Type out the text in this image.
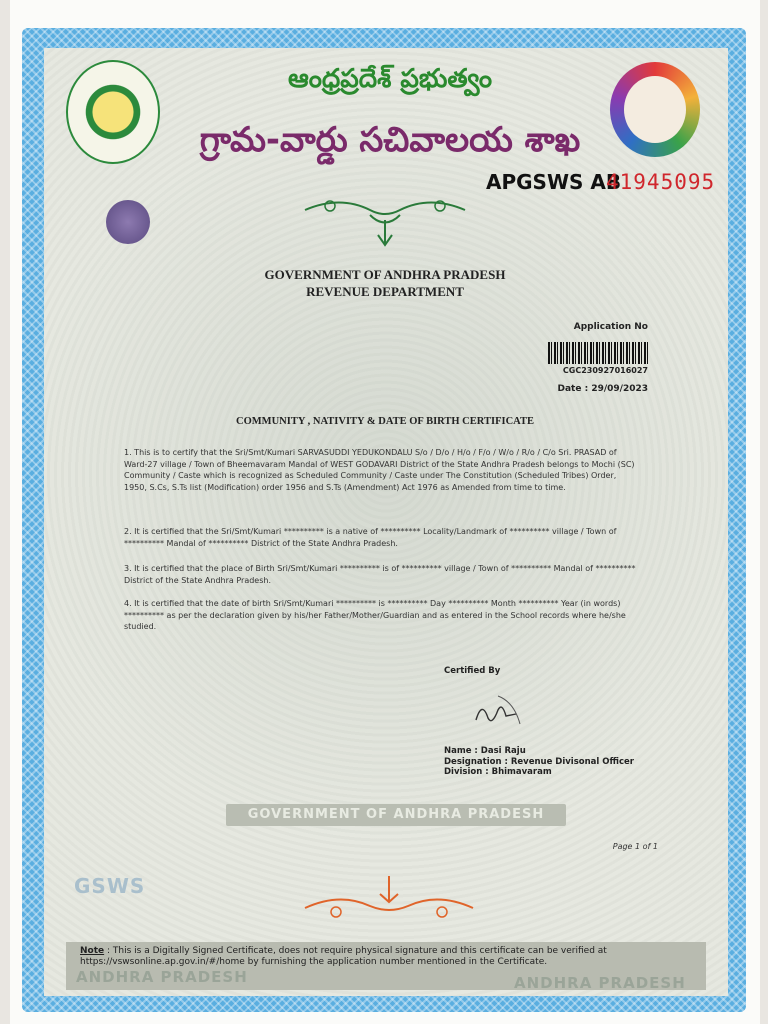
ఆంధ్రప్రదేశ్ ప్రభుత్వం
గ్రామ-వార్డు సచివాలయ శాఖ
APGSWS AB
41945095
GOVERNMENT OF ANDHRA PRADESH
REVENUE DEPARTMENT
Application No
CGC230927016027
Date : 29/09/2023
COMMUNITY , NATIVITY & DATE OF BIRTH CERTIFICATE
1. This is to certify that the Sri/Smt/Kumari SARVASUDDI YEDUKONDALU S/o / D/o / H/o / F/o / W/o / R/o / C/o Sri. PRASAD of Ward-27 village / Town of Bheemavaram Mandal of WEST GODAVARI District of the State Andhra Pradesh belongs to Mochi (SC) Community / Caste which is recognized as Scheduled Community / Caste under The Constitution (Scheduled Tribes) Order, 1950, S.Cs, S.Ts list (Modification) order 1956 and S.Ts (Amendment) Act 1976 as Amended from time to time.
2. It is certified that the Sri/Smt/Kumari ********** is a native of ********** Locality/Landmark of ********** village / Town of ********** Mandal of ********** District of the State Andhra Pradesh.
3. It is certified that the place of Birth Sri/Smt/Kumari ********** is of ********** village / Town of ********** Mandal of ********** District of the State Andhra Pradesh.
4. It is certified that the date of birth Sri/Smt/Kumari ********** is ********** Day ********** Month ********** Year (in words) ********** as per the declaration given by his/her Father/Mother/Guardian and as entered in the School records where he/she studied.
Certified By
Name : Dasi Raju
Designation : Revenue Divisonal Officer
Division : Bhimavaram
GOVERNMENT OF ANDHRA PRADESH
Page 1 of 1
GSWS
Note : This is a Digitally Signed Certificate, does not require physical signature and this certificate can be verified at https://vswsonline.ap.gov.in/#/home by furnishing the application number mentioned in the Certificate.
ANDHRA PRADESH	ANDHRA PRADESH
